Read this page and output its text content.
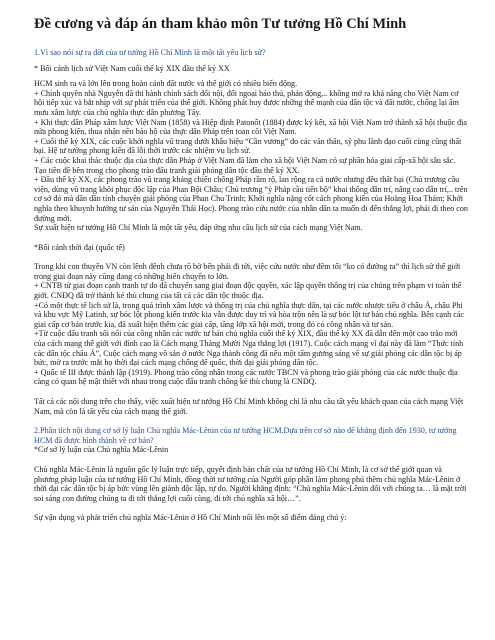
Đề cương và đáp án tham khảo môn Tư tưởng Hồ Chí Minh

1.Vì sao nói sự ra đời của tư tưởng Hồ Chí Minh là một tất yếu lịch sử?

* Bối cảnh lịch sử Việt Nam cuối thế kỷ XIX đầu thế kỷ XX

HCM sinh ra và lớn lên trong hoàn cảnh đất nước và thế giới có nhiều biến động.

+ Chính quyền nhà Nguyễn đã thi hành chính sách đối nội, đối ngoại bảo thủ, phản động,.. không mở ra khả năng cho Việt Nam cơ hội tiếp xúc và bắt nhịp với sự phát triển của thế giới. Không phát huy được những thế mạnh của dân tộc và đất nước, chống lại âm mưu xâm lược của chủ nghĩa thực dân phương Tây.

+ Khi thực dân Pháp xâm lược Việt Nam (1858) và Hiệp định Patonốt (1884) được ký kết, xã hội Việt Nam trở thành xã hội thuộc địa nửa phong kiến, thua nhận nền bảo hộ của thực dân Pháp trên toan cõi Việt Nam.

+ Cuối thế kỷ XIX, các cuộc khởi nghĩa vũ trang dưới khẩu hiệu “Cần vương” do các văn thân, sỹ phu lãnh đạo cuối cùng cũng thất bại. Hệ tư tưởng phong kiến đã lỗi thời trước các nhiệm vụ lịch sử.

+ Các cuộc khai thác thuộc địa của thực dân Pháp ở Việt Nam đã làm cho xã hội Việt Nam có sự phân hóa giai cấp-xã hội sâu sắc. Tạo tiền đề bên trong cho phong trào đấu tranh giải phóng dân tộc đầu thế kỷ XX.

+ Đầu thế kỷ XX, các phong trào vũ trang kháng chiến chống Pháp rầm rộ, lan rộng ra cả nước nhưng đều thất bại (Chủ trương cầu viện, dùng vũ trang khôi phục độc lập của Phan Bội Châu; Chủ trương “ỷ Pháp cầu tiến bộ” khai thông dân trí, nâng cao dân trí,.. trên cơ sở đó mà dần dần tính chuyện giải phóng của Phan Chu Trinh; Khởi nghĩa nặng cốt cách phong kiến của Hoàng Hoa Thám; Khởi nghĩa theo khuynh hướng tư sản của Nguyễn Thái Học). Phong trào cứu nước của nhân dân ta muốn đi đến thắng lợi, phải đi theo con đường mới.

Sự xuất hiện tư tưởng Hồ Chí Minh là một tất yếu, đáp ứng nhu cầu lịch sử của cách mạng Việt Nam.

*Bối cảnh thời đại (quốc tế)

Trong khi con thuyền VN còn lênh đênh chưa rõ bờ bến phải đi tới, việc cứu nước như đêm tối “ko có đường ra” thì lịch sử thế giới trong giai đoạn này cũng đang có những biến chuyển to lớn.

+ CNTB từ giai đoạn cạnh tranh tự do đã chuyển sang giai đoạn độc quyền, xác lập quyền thống trị của chúng trên phạm vi toàn thế giới. CNĐQ đã trở thành kẻ thù chung của tất cả các dân tộc thuộc địa.

+Có một thực tế lịch sử là, trong quá trình xâm lược và thống trị của chủ nghĩa thực dân, tại các nước nhược tiểu ở châu Á, châu Phi và khu vực Mỹ Latinh, sự bóc lột phong kiến trước kia vẫn được duy trì và hòa trộn nên là sự bóc lột tư bản chủ nghĩa. Bên cạnh các giai cấp cơ bản trước kia, đã xuất hiện thêm các giai cấp, tầng lớp xã hội mới, trong đó có công nhân và tư sản.

+Từ cuộc đấu tranh sôi nổi của công nhân các nước tư bản chủ nghĩa cuối thế kỷ XIX, đầu thế kỷ XX đã dẫn đến một cao trào mới của cách mạng thế giới với đỉnh cao là Cách mạng Tháng Mười Nga thắng lợi (1917). Cuộc cách mạng vĩ đại này đã làm “Thức tỉnh các dân tộc châu Á”, Cuộc cách mạng vô sản ở nước Nga thành công đã nêu một tấm gương sáng về sự giải phóng các dân tộc bị áp bức, mở ra trước mắt họ thời đại cách mạng chống đế quốc, thời đại giải phóng dân tộc.

+ Quốc tế III được thành lập (1919). Phong trào công nhân trong các nước TBCN và phong trào giải phóng của các nước thuộc địa càng có quan hệ mật thiết với nhau trong cuộc đấu tranh chống kẻ thù chung là CNĐQ.

Tất cả các nội dung trên cho thấy, việc xuất hiện tư tưởng Hồ Chí Minh không chỉ là nhu cầu tất yếu khách quan của cách mạng Việt Nam, mà còn là tất yếu của cách mạng thế giới.

2.Phân tích nội dung cơ sở lý luận Chủ nghĩa Mác-Lênin của tư tưởng HCM.Dựa trên cơ sở nào để khẳng định đến 1930, tư tưởng HCM đã được hình thành về cơ bản?

*Cơ sở lý luận của Chủ nghĩa Mác-Lênin

Chủ nghĩa Mác-Lênin là nguồn gốc lý luận trực tiếp, quyết định bản chất của tư tưởng Hồ Chí Minh, là cơ sở thế giới quan và phương pháp luận của tư tưởng Hồ Chí Minh, đồng thời tư tưởng của Người góp phần làm phong phú thêm chủ nghĩa Mác-Lênin ở thời đại các dân tộc bị áp bức vùng lên giành độc lập, tự do. Người khẳng định: “Chủ nghĩa Mác-Lênin đối với chúng ta… là mặt trời soi sáng con đường chúng ta đi tới thắng lợi cuối cùng, đi tới chủ nghĩa xã hội…”.

Sự vận dụng và phát triển chủ nghĩa Mác-Lênin ở Hồ Chí Minh nổi lên một số điểm đáng chú ý:
